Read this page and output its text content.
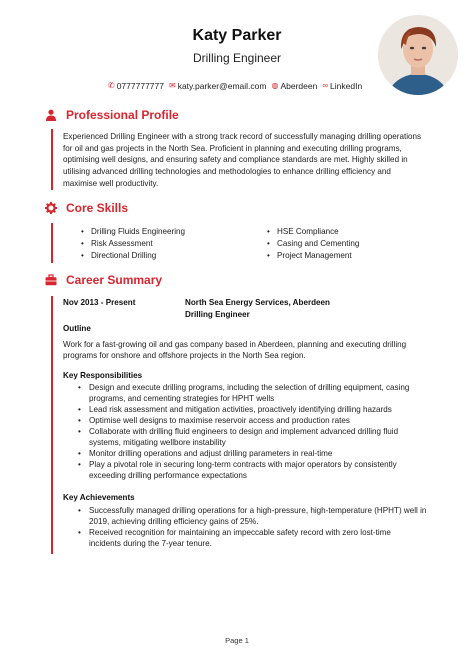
Katy Parker
Drilling Engineer
✆ 0777777777 ✉ katy.parker@email.com ◍ Aberdeen ∞ LinkedIn
Professional Profile
Experienced Drilling Engineer with a strong track record of successfully managing drilling operations
for oil and gas projects in the North Sea. Proficient in planning and executing drilling programs,
optimising well designs, and ensuring safety and compliance standards are met. Highly skilled in
utilising advanced drilling technologies and methodologies to enhance drilling efficiency and
maximise well productivity.
Core Skills
• Drilling Fluids Engineering
• Risk Assessment
• Directional Drilling
• HSE Compliance
• Casing and Cementing
• Project Management
Career Summary
Nov 2013 - Present	North Sea Energy Services, Aberdeen
Drilling Engineer
Outline
Work for a fast-growing oil and gas company based in Aberdeen, planning and executing drilling
programs for onshore and offshore projects in the North Sea region.
Key Responsibilities
• Design and execute drilling programs, including the selection of drilling equipment, casing
programs, and cementing strategies for HPHT wells
• Lead risk assessment and mitigation activities, proactively identifying drilling hazards
• Optimise well designs to maximise reservoir access and production rates
• Collaborate with drilling fluid engineers to design and implement advanced drilling fluid
systems, mitigating wellbore instability
• Monitor drilling operations and adjust drilling parameters in real-time
• Play a pivotal role in securing long-term contracts with major operators by consistently
exceeding drilling performance expectations
Key Achievements
• Successfully managed drilling operations for a high-pressure, high-temperature (HPHT) well in
2019, achieving drilling efficiency gains of 25%.
• Received recognition for maintaining an impeccable safety record with zero lost-time
incidents during the 7-year tenure.
Page 1
